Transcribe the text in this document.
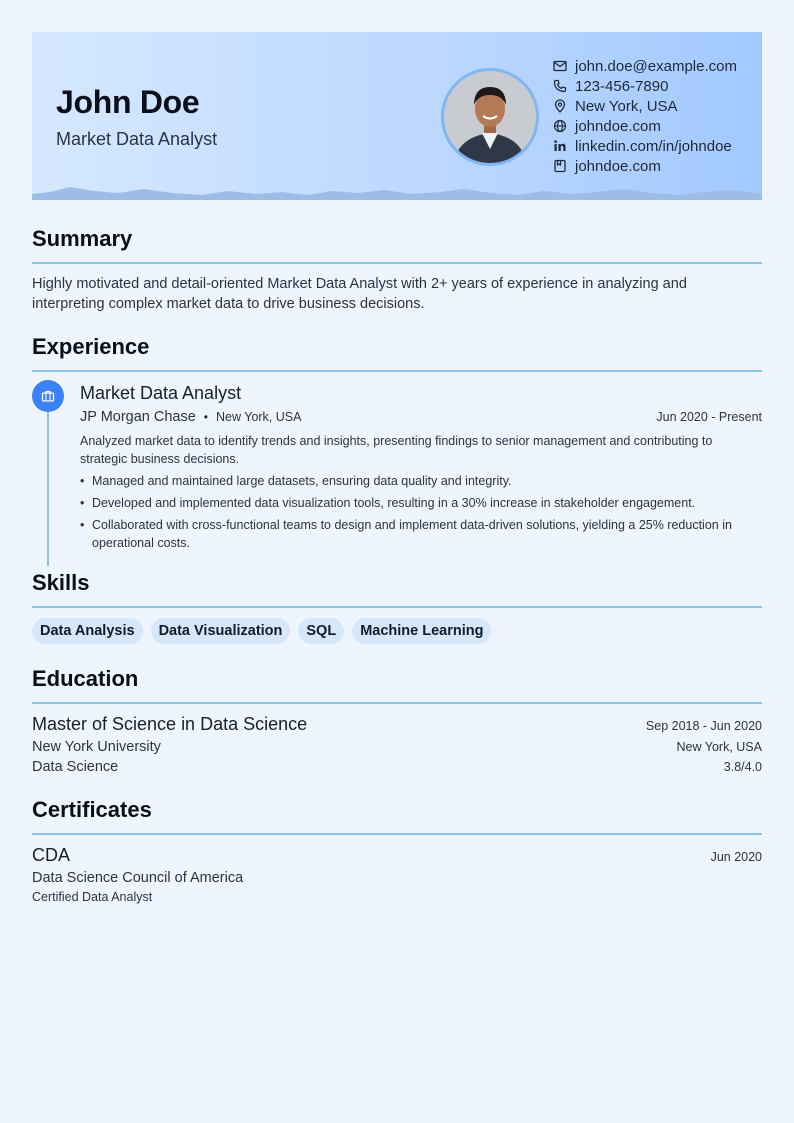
John Doe
Market Data Analyst
john.doe@example.com
123-456-7890
New York, USA
johndoe.com
linkedin.com/in/johndoe
johndoe.com
Summary
Highly motivated and detail-oriented Market Data Analyst with 2+ years of experience in analyzing and interpreting complex market data to drive business decisions.
Experience
Market Data Analyst
JP Morgan Chase • New York, USA	Jun 2020 - Present
Analyzed market data to identify trends and insights, presenting findings to senior management and contributing to strategic business decisions.
• Managed and maintained large datasets, ensuring data quality and integrity.
• Developed and implemented data visualization tools, resulting in a 30% increase in stakeholder engagement.
• Collaborated with cross-functional teams to design and implement data-driven solutions, yielding a 25% reduction in operational costs.
Skills
Data Analysis	Data Visualization	SQL	Machine Learning
Education
Master of Science in Data Science	Sep 2018 - Jun 2020
New York University	New York, USA
Data Science	3.8/4.0
Certificates
CDA	Jun 2020
Data Science Council of America
Certified Data Analyst
